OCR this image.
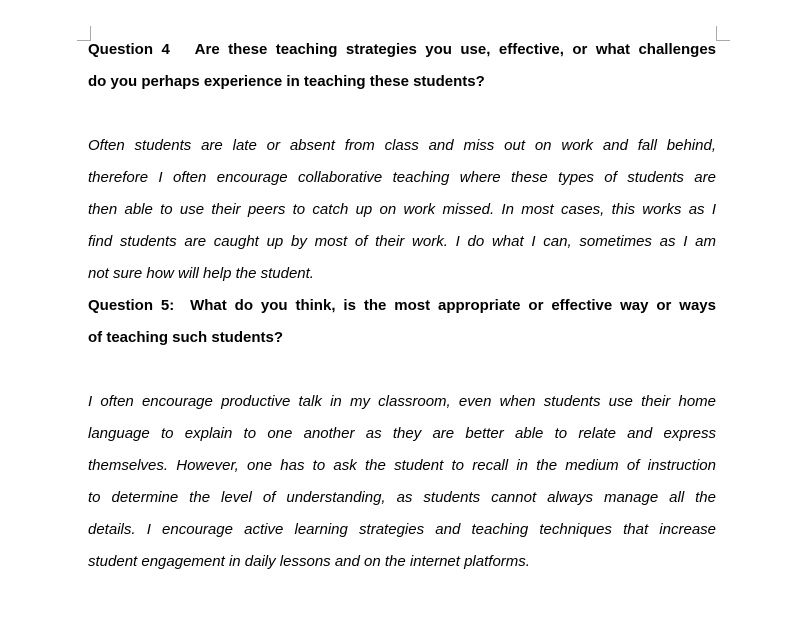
Question 4   Are these teaching strategies you use, effective, or what challenges
do you perhaps experience in teaching these students?
Often students are late or absent from class and miss out on work and fall behind,
therefore I often encourage collaborative teaching where these types of students are
then able to use their peers to catch up on work missed. In most cases, this works as I
find students are caught up by most of their work. I do what I can, sometimes as I am
not sure how will help the student.
Question 5:  What do you think, is the most appropriate or effective way or ways
of teaching such students?
I often encourage productive talk in my classroom, even when students use their home
language to explain to one another as they are better able to relate and express
themselves. However, one has to ask the student to recall in the medium of instruction
to determine the level of understanding, as students cannot always manage all the
details. I encourage active learning strategies and teaching techniques that increase
student engagement in daily lessons and on the internet platforms.
